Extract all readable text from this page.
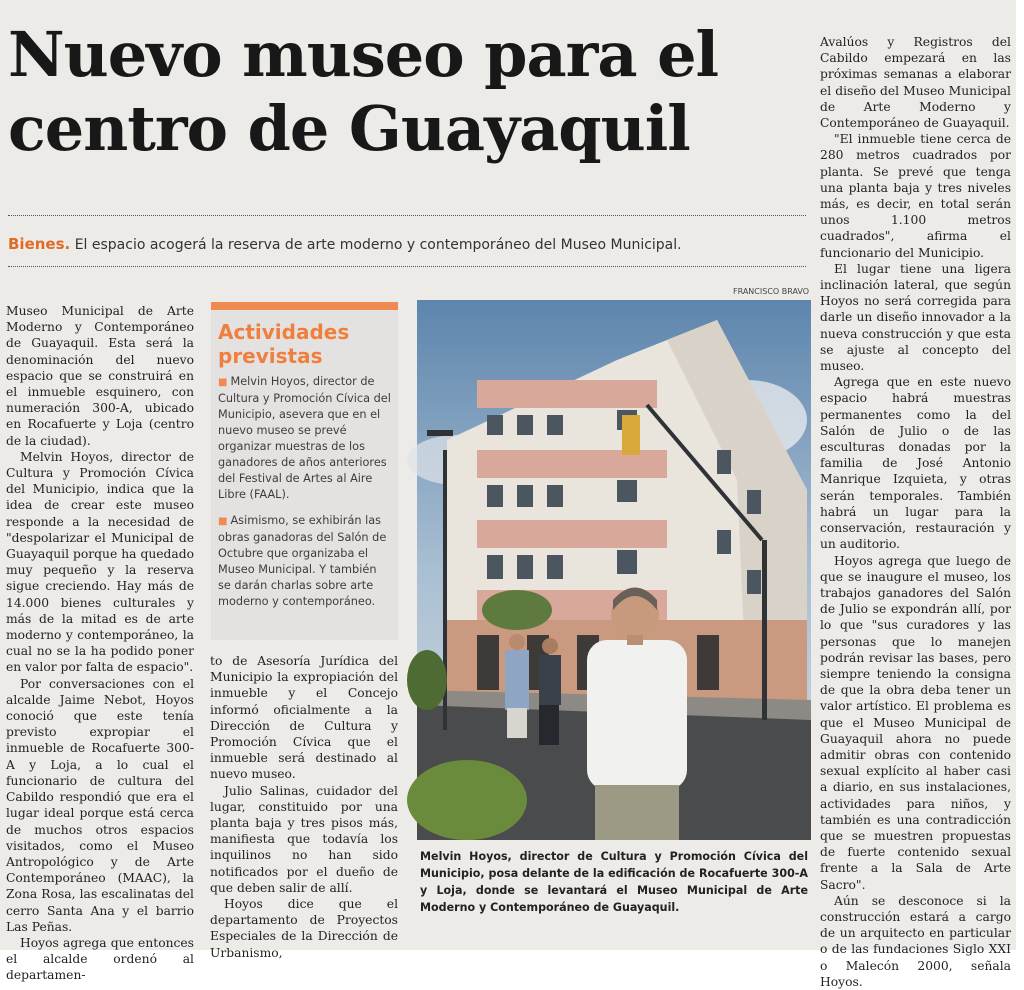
Nuevo museo para el
centro de Guayaquil
Bienes. El espacio acogerá la reserva de arte moderno y contemporáneo del Museo Municipal.

Museo Municipal de Arte Moderno y Contemporáneo de Guayaquil. Esta será la denominación del nuevo espacio que se construirá en el inmueble esquinero, con numeración 300-A, ubicado en Rocafuerte y Loja (centro de la ciudad).

Melvin Hoyos, director de Cultura y Promoción Cívica del Municipio, indica que la idea de crear este museo responde a la necesidad de "despolarizar el Municipal de Guayaquil porque ha quedado muy pequeño y la reserva sigue creciendo. Hay más de 14.000 bienes culturales y más de la mitad es de arte moderno y contemporáneo, la cual no se la ha podido poner en valor por falta de espacio".

Por conversaciones con el alcalde Jaime Nebot, Hoyos conoció que este tenía previsto expropiar el inmueble de Rocafuerte 300-A y Loja, a lo cual el funcionario de cultura del Cabildo respondió que era el lugar ideal porque está cerca de muchos otros espacios visitados, como el Museo Antropológico y de Arte Contemporáneo (MAAC), la Zona Rosa, las escalinatas del cerro Santa Ana y el barrio Las Peñas.

Hoyos agrega que entonces el alcalde ordenó al departamen-

Actividades previstas
■ Melvin Hoyos, director de Cultura y Promoción Cívica del Municipio, asevera que en el nuevo museo se prevé organizar muestras de los ganadores de años anteriores del Festival de Artes al Aire Libre (FAAL).
■ Asimismo, se exhibirán las obras ganadoras del Salón de Octubre que organizaba el Museo Municipal. Y también se darán charlas sobre arte moderno y contemporáneo.

to de Asesoría Jurídica del Municipio la expropiación del inmueble y el Concejo informó oficialmente a la Dirección de Cultura y Promoción Cívica que el inmueble será destinado al nuevo museo.

Julio Salinas, cuidador del lugar, constituido por una planta baja y tres pisos más, manifiesta que todavía los inquilinos no han sido notificados por el dueño de que deben salir de allí.

Hoyos dice que el departamento de Proyectos Especiales de la Dirección de Urbanismo,

FRANCISCO BRAVO

Melvin Hoyos, director de Cultura y Promoción Cívica del Municipio, posa delante de la edificación de Rocafuerte 300-A y Loja, donde se levantará el Museo Municipal de Arte Moderno y Contemporáneo de Guayaquil.

Avalúos y Registros del Cabildo empezará en las próximas semanas a elaborar el diseño del Museo Municipal de Arte Moderno y Contemporáneo de Guayaquil.

"El inmueble tiene cerca de 280 metros cuadrados por planta. Se prevé que tenga una planta baja y tres niveles más, es decir, en total serán unos 1.100 metros cuadrados", afirma el funcionario del Municipio.

El lugar tiene una ligera inclinación lateral, que según Hoyos no será corregida para darle un diseño innovador a la nueva construcción y que esta se ajuste al concepto del museo.

Agrega que en este nuevo espacio habrá muestras permanentes como la del Salón de Julio o de las esculturas donadas por la familia de José Antonio Manrique Izquieta, y otras serán temporales. También habrá un lugar para la conservación, restauración y un auditorio.

Hoyos agrega que luego de que se inaugure el museo, los trabajos ganadores del Salón de Julio se expondrán allí, por lo que "sus curadores y las personas que lo manejen podrán revisar las bases, pero siempre teniendo la consigna de que la obra deba tener un valor artístico. El problema es que el Museo Municipal de Guayaquil ahora no puede admitir obras con contenido sexual explícito al haber casi a diario, en sus instalaciones, actividades para niños, y también es una contradicción que se muestren propuestas de fuerte contenido sexual frente a la Sala de Arte Sacro".

Aún se desconoce si la construcción estará a cargo de un arquitecto en particular o de las fundaciones Siglo XXI o Malecón 2000, señala Hoyos.
